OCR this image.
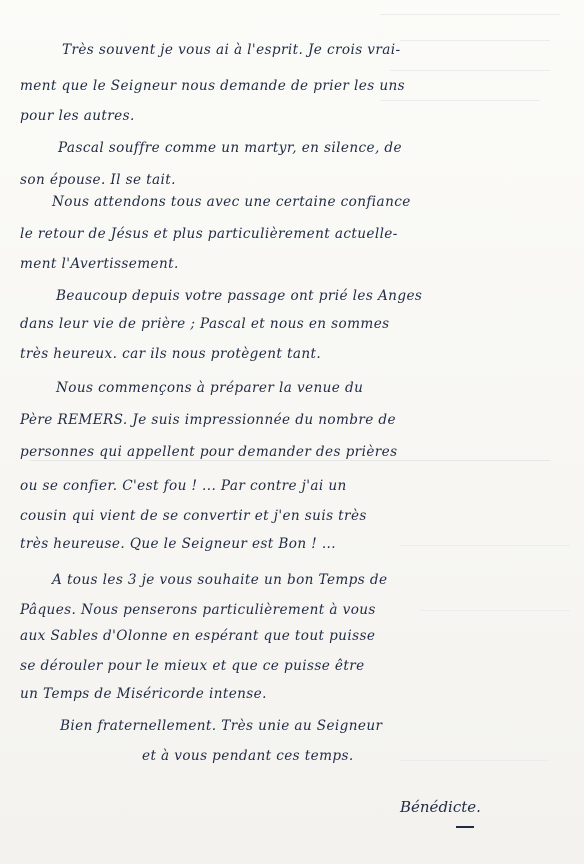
Très souvent je vous ai à l'esprit. Je crois vrai-
ment que le Seigneur nous demande de prier les uns
pour les autres.
Pascal souffre comme un martyr, en silence, de
son épouse. Il se tait.
Nous attendons tous avec une certaine confiance
le retour de Jésus et plus particulièrement actuelle-
ment l'Avertissement.
Beaucoup depuis votre passage ont prié les Anges
dans leur vie de prière ; Pascal et nous en sommes
très heureux. car ils nous protègent tant.
Nous commençons à préparer la venue du
Père REMERS. Je suis impressionnée du nombre de
personnes qui appellent pour demander des prières
ou se confier. C'est fou ! ... Par contre j'ai un
cousin qui vient de se convertir et j'en suis très
très heureuse. Que le Seigneur est Bon ! ...
A tous les 3 je vous souhaite un bon Temps de
Pâques. Nous penserons particulièrement à vous
aux Sables d'Olonne en espérant que tout puisse
se dérouler pour le mieux et que ce puisse être
un Temps de Miséricorde intense.
Bien fraternellement. Très unie au Seigneur
et à vous pendant ces temps.
Bénédicte.
